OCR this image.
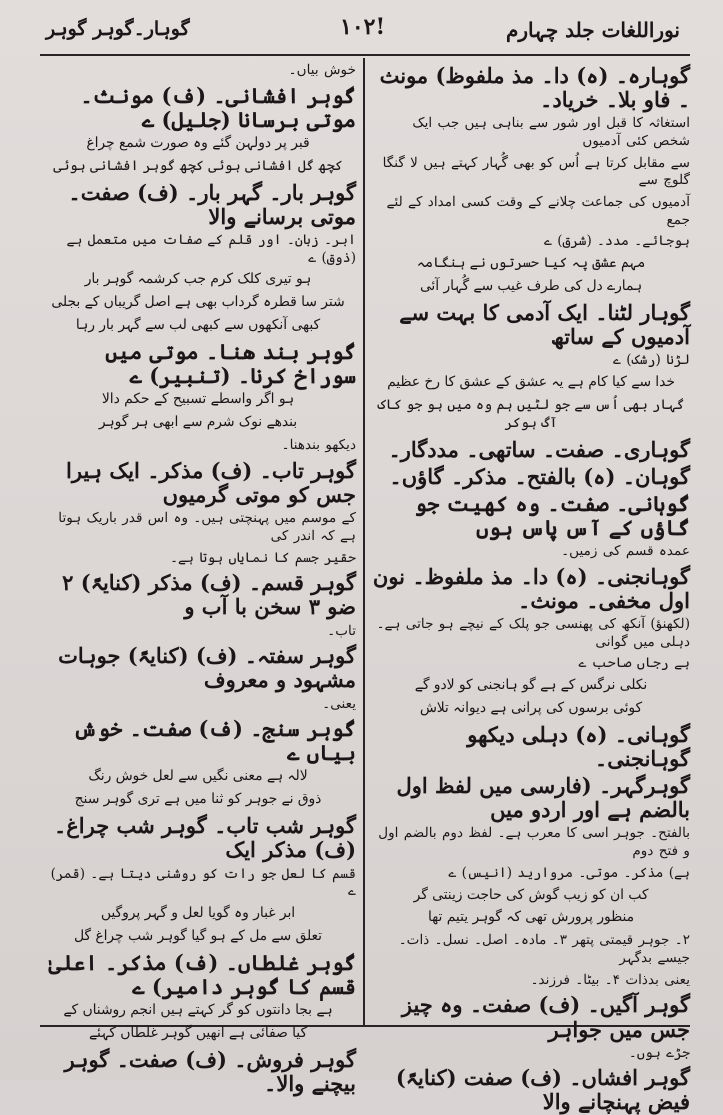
نوراللغات جلد چہارم
۱۰۲!
گوہار۔گوہر گوہر
گوہارہ۔ (ہ) دا۔ مذ ملفوظ) مونث ۔ فاو بلا۔ خریاد۔
استغاثہ کا قبل اور شور سے بناہی ہیں جب ایک شخص کئی آدمیوں
سے مقابل کرتا ہے اُس کو بھی گُہار کہتے ہیں لا گنگا گلوچ سے
آدمیوں کی جماعت چلانے کے وقت کسی امداد کے لئے جمع
ہوجائے۔ مدد۔ (شرق) ے
مہم عشق پہ کیا حسرتوں نے ہنگامہ
ہمارے دل کی طرف غیب سے گُہار آئی
گوہار لٹنا۔ ایک آدمی کا بہت سے آدمیوں کے ساتھ
لڑنا (رشک) ے
خدا سے کیا کام ہے یہ عشق کے عشق کا رخ عظیم
گہار بھی اُس سے جو لٹیں ہم وہ میں ہو جو کاک آگ ہوکر
گوہاری۔ صفت۔ ساتھی۔ مددگار۔
گوہان۔ (ہ) بالفتح۔ مذکر۔ گاؤں۔
گوہانی۔ صفت۔ وہ کھیت جو گاؤں کے آس پاس ہوں
عمدہ قسم کی زمیں۔
گوہانجنی۔ (ہ) دا۔ مذ ملفوظ۔ نون اول مخفی۔ مونث۔
(لکھنؤ) آنکھ کی پھنسی جو پلک کے نیچے ہو جاتی ہے۔ دہلی میں گوانی
ہے رجاں صاحب ے
نکلی نرگس کے ہے گو ہانجنی کو لادو گے
کوئی برسوں کی پرانی ہے دیوانہ تلاش
گوہانی۔ (ہ) دہلی دیکھو گوہانجنی۔
گوہرگہر۔ (فارسی میں لفظ اول بالضم ہے اور اردو میں
بالفتح۔ جوہر اسی کا معرب ہے۔ لفظ دوم بالضم اول و فتح دوم
ہے) مذکر۔ موتی۔ مروارید (انیس) ے
کب ان کو زیب گوش کی حاجت زینتی گر
منظور پرورش تھی کہ گوہر یتیم تھا
۲۔ جوہر قیمتی پتھر ۳۔ مادہ۔ اصل۔ نسل۔ ذات۔ جیسے بدگہر
یعنی بدذات ۴۔ بیٹا۔ فرزند۔
گوہر آگیں۔ (ف) صفت۔ وہ چیز جس میں جواہر
جڑے ہوں۔
گوہر افشاں۔ (ف) صفت (کنایۃً) فیض پہنچانے والا
خوش بیاں۔
گوہر افشانی۔ (ف) مونث۔ موتی برسانا (جلیل) ے
قبر پر دولہن گئے وہ صورت شمع چراغ
کچھ گل افشانی ہوئی کچھ گوہر افشانی ہوئی
گوہر بار۔ گہر بار۔ (ف) صفت۔ موتی برسانے والا
ابر۔ زبان۔ اور قلم کے صفات میں متعمل ہے (ذوق) ے
ہو تیری کلک کرم جب کرشمہ گوہر بار
شتر سا قطرہ گرداب بھی ہے اصل گریباں کے بجلی
کبھی آنکھوں سے کبھی لب سے گہر بار رہا
گوہر بند ھنا۔ موتی میں سوراخ کرنا۔ (تنبیر) ے
ہو اگر واسطے تسبیح کے حکم دالا
بندھے نوک شرم سے ابھی ہر گوہر
دیکھو بندھنا۔
گوہر تاب۔ (ف) مذکر۔ ایک ہیرا جس کو موتی گرمیوں
کے موسم میں پہنچتی ہیں۔ وہ اس قدر باریک ہوتا ہے کہ اندر کی
حقیر جسم کا نمایاں ہوتا ہے۔
گوہر قسم۔ (ف) مذکر (کنایۃً) ۲ ضو ۳ سخن با آب و
تاب۔
گوہر سفتہ۔ (ف) (کنایۃً) جوہات مشہود و معروف
یعنی۔
گوہر سنج۔ (ف) صفت۔ خوش بیاں ے
لالہ ہے معنی نگیں سے لعل خوش رنگ
ذوق نے جوہر کو ثنا میں ہے تری گوہر سنج
گوہر شب تاب۔ گوہر شب چراغ۔ (ف) مذکر ایک
قسم کا لعل جو رات کو روشنی دیتا ہے۔ (قمر) ے
ابر غبار وہ گویا لعل و گہر پروگیں
تعلق سے مل کے ہو گیا گوہر شب چراغ گل
گوہر غلطاں۔ (ف) مذکر۔ اعلیٰ قسم کا گوہر دامیر) ے
ہے بجا دانتوں کو گر کہتے ہیں انجم روشناں کے
کیا صفائی ہے انھیں گوہر غلطاں کہئے
گوہر فروش۔ (ف) صفت۔ گوہر بیچنے والا۔
